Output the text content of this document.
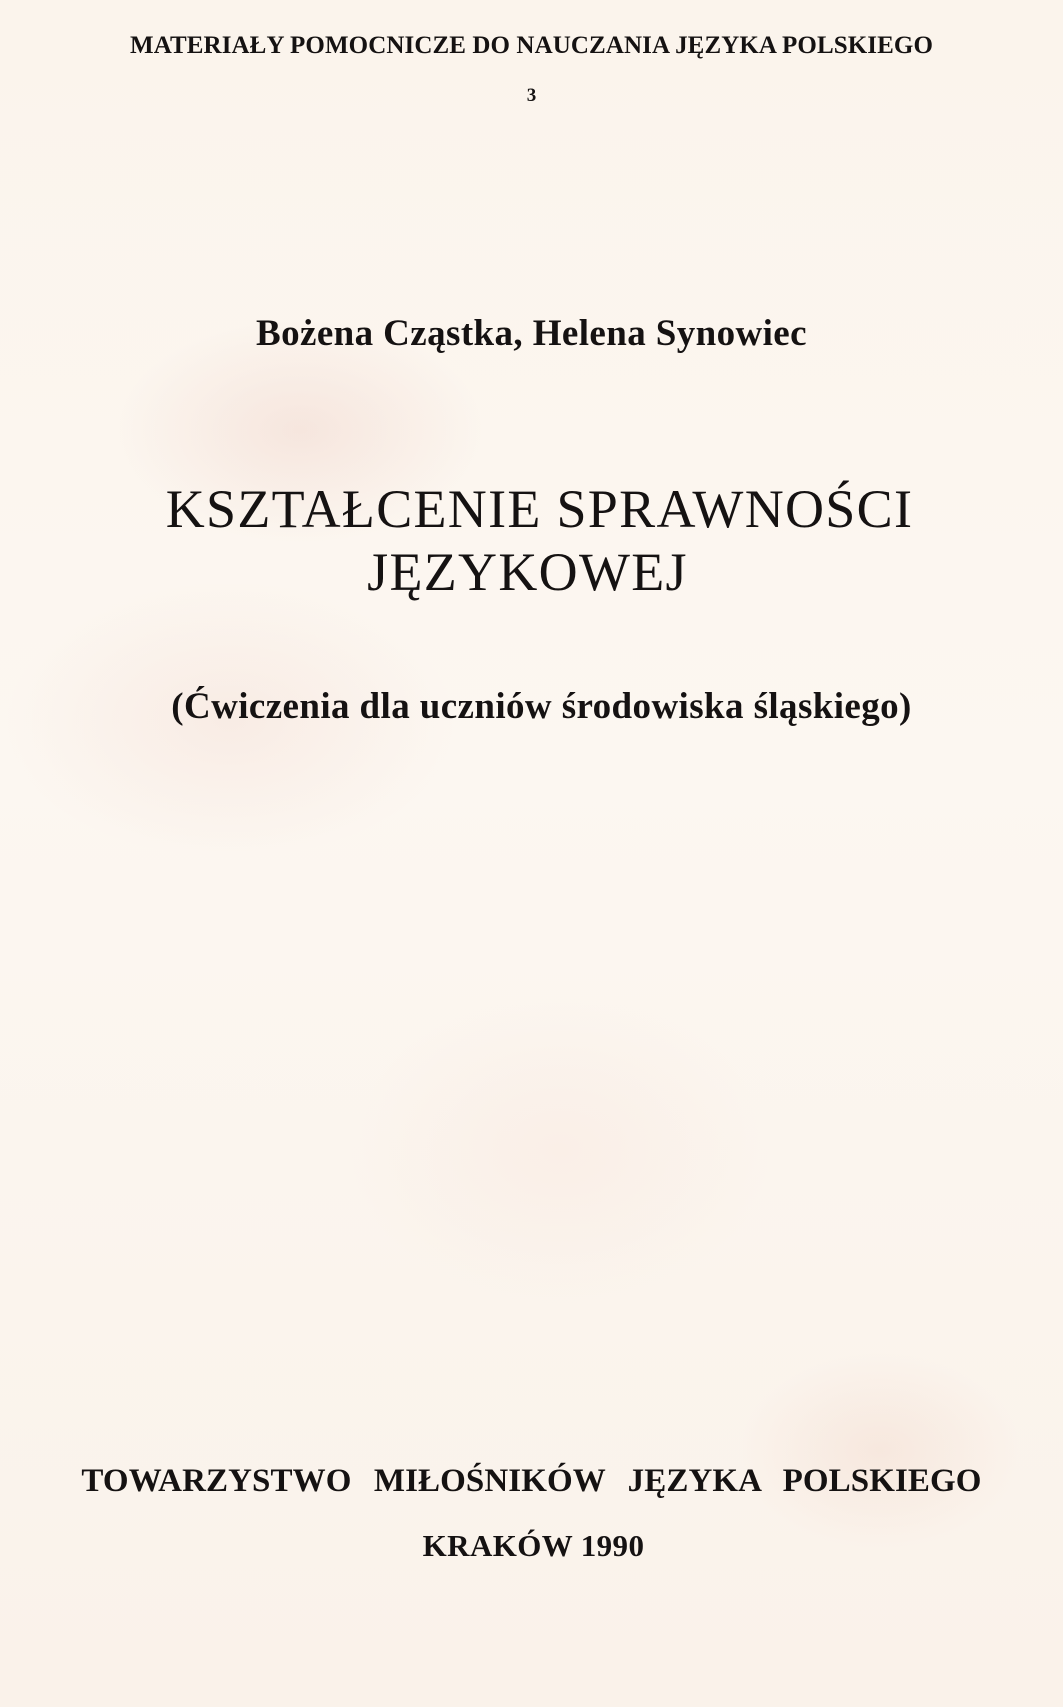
MATERIAŁY POMOCNICZE DO NAUCZANIA JĘZYKA POLSKIEGO
3
Bożena Cząstka, Helena Synowiec
KSZTAŁCENIE SPRAWNOŚCI
JĘZYKOWEJ
(Ćwiczenia dla uczniów środowiska śląskiego)
TOWARZYSTWO MIŁOŚNIKÓW JĘZYKA POLSKIEGO
KRAKÓW 1990
